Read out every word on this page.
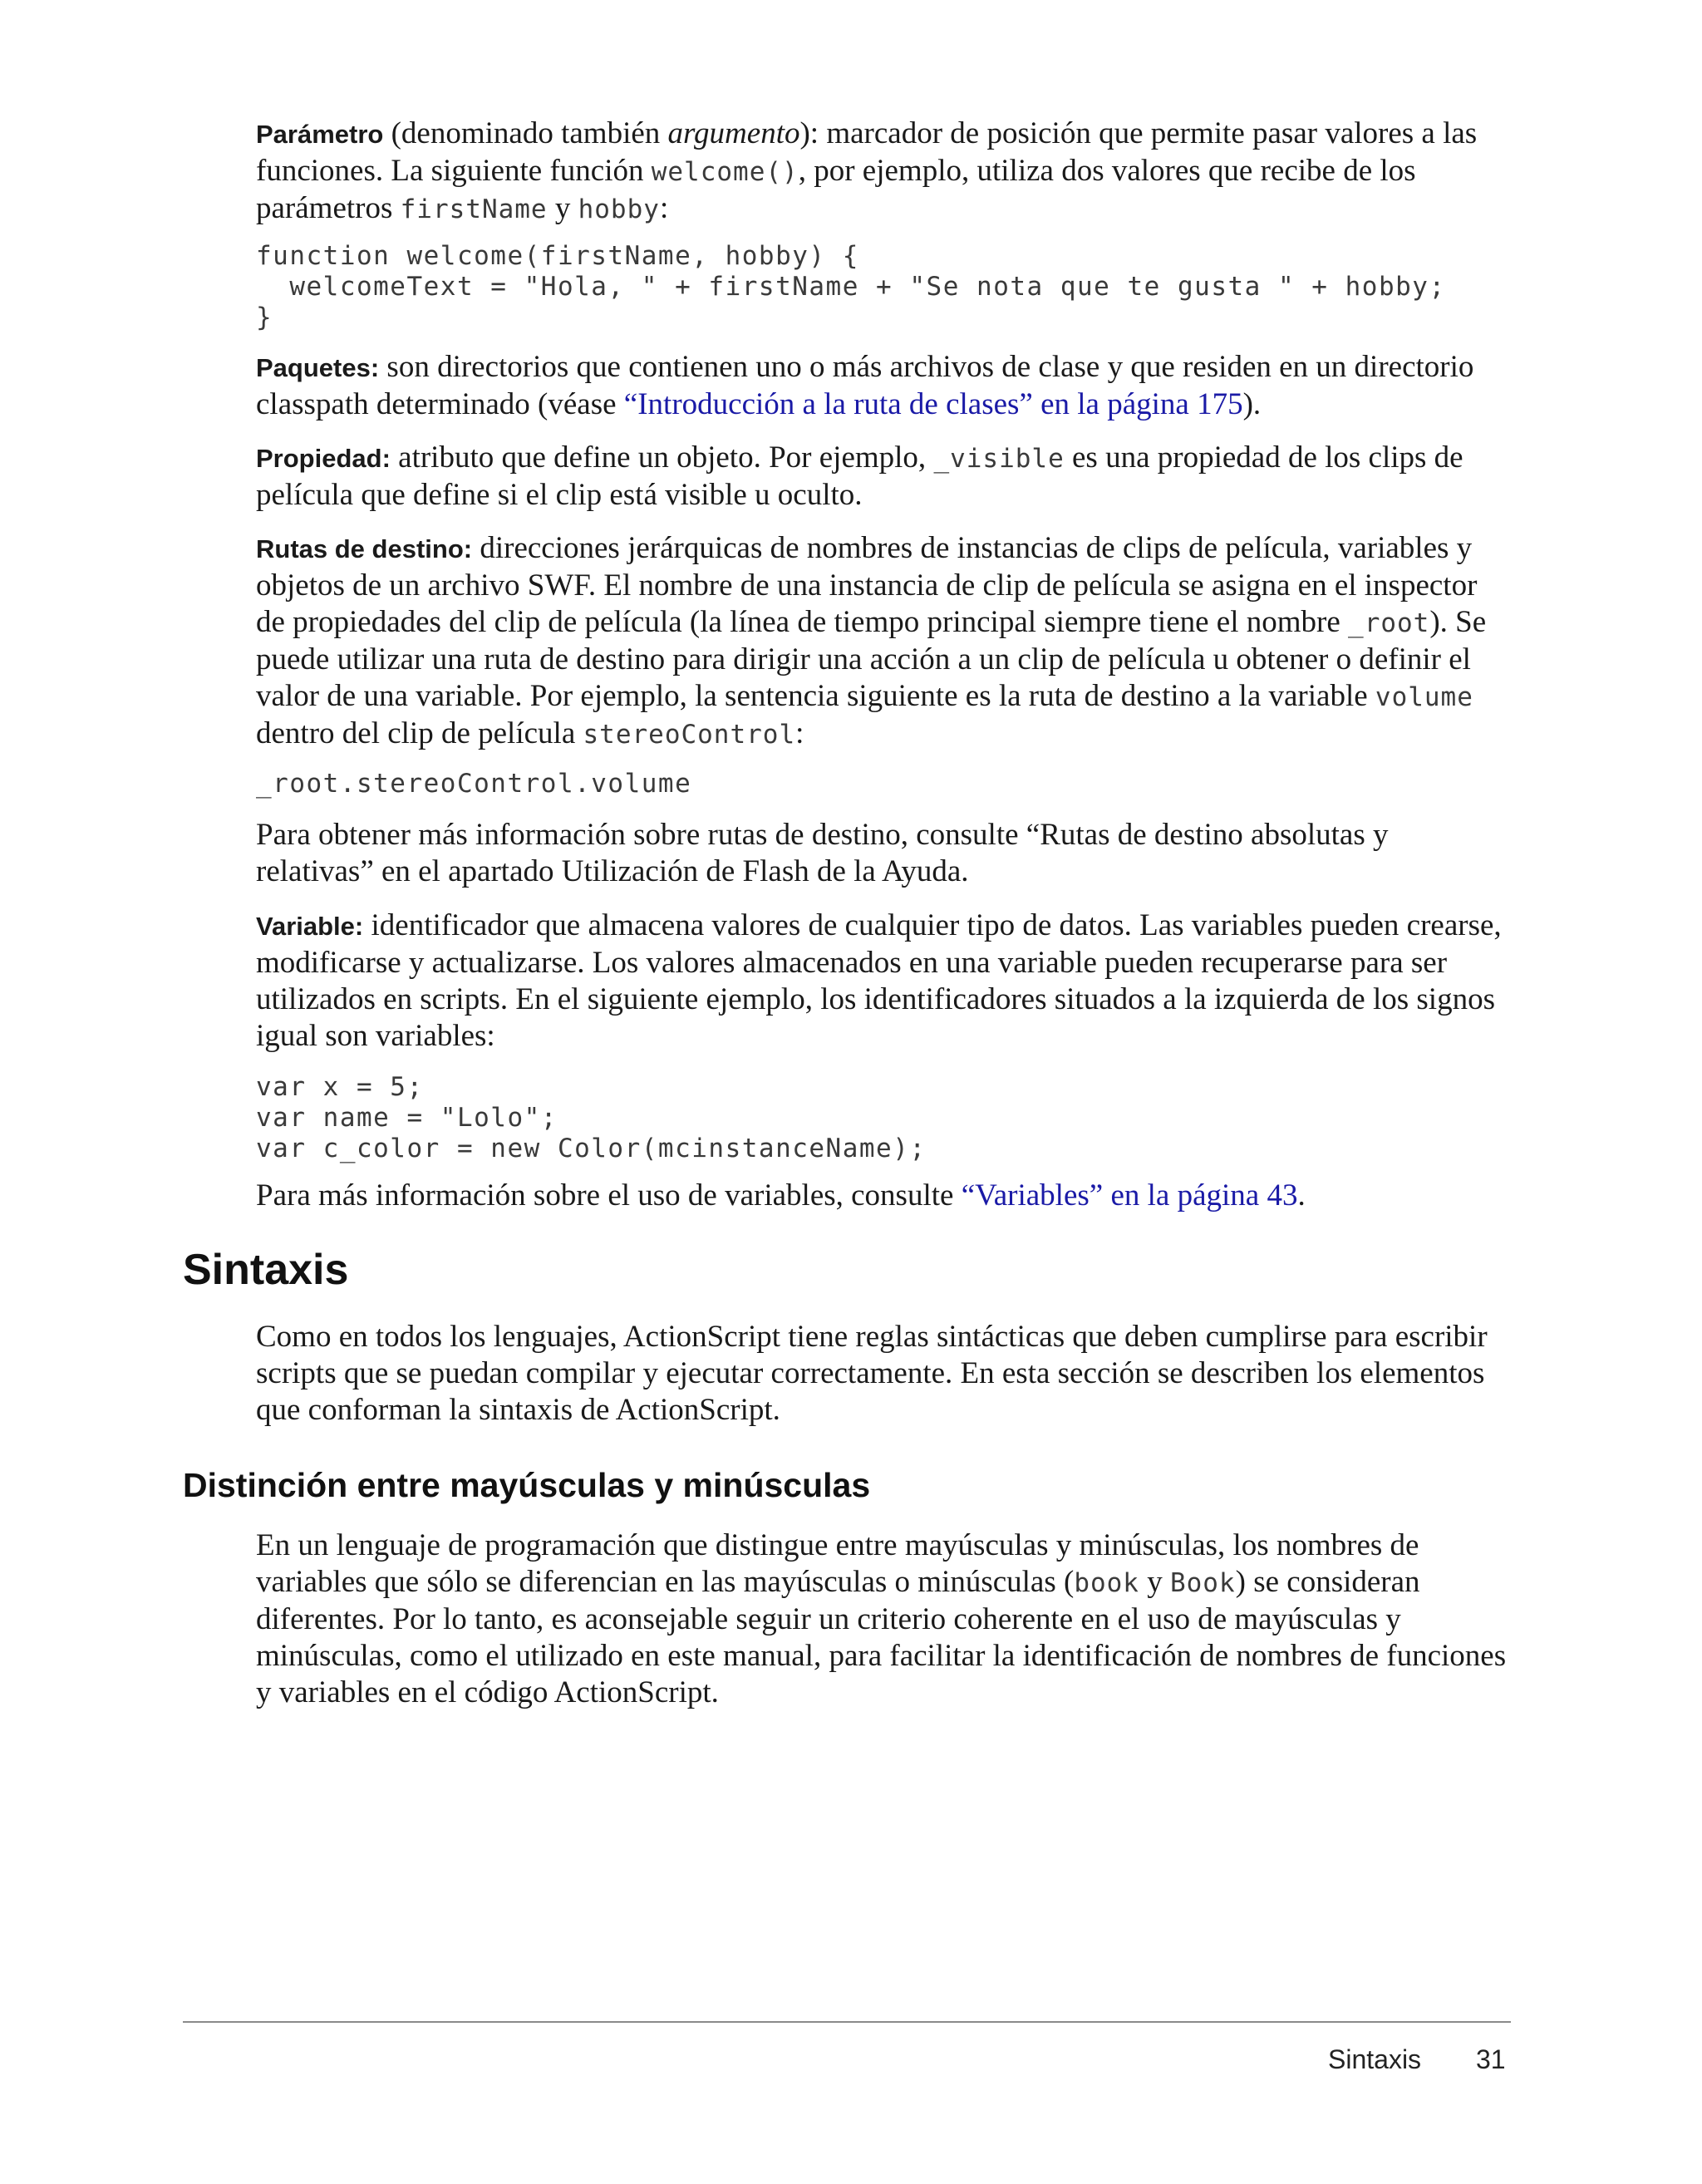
Parámetro (denominado también argumento): marcador de posición que permite pasar valores a las funciones. La siguiente función welcome(), por ejemplo, utiliza dos valores que recibe de los parámetros firstName y hobby:

function welcome(firstName, hobby) {
welcomeText = "Hola, " + firstName + "Se nota que te gusta " + hobby;
}

Paquetes: son directorios que contienen uno o más archivos de clase y que residen en un directorio classpath determinado (véase “Introducción a la ruta de clases” en la página 175).

Propiedad: atributo que define un objeto. Por ejemplo, _visible es una propiedad de los clips de película que define si el clip está visible u oculto.

Rutas de destino: direcciones jerárquicas de nombres de instancias de clips de película, variables y objetos de un archivo SWF. El nombre de una instancia de clip de película se asigna en el inspector de propiedades del clip de película (la línea de tiempo principal siempre tiene el nombre _root). Se puede utilizar una ruta de destino para dirigir una acción a un clip de película u obtener o definir el valor de una variable. Por ejemplo, la sentencia siguiente es la ruta de destino a la variable volume dentro del clip de película stereoControl:

_root.stereoControl.volume

Para obtener más información sobre rutas de destino, consulte “Rutas de destino absolutas y relativas” en el apartado Utilización de Flash de la Ayuda.

Variable: identificador que almacena valores de cualquier tipo de datos. Las variables pueden crearse, modificarse y actualizarse. Los valores almacenados en una variable pueden recuperarse para ser utilizados en scripts. En el siguiente ejemplo, los identificadores situados a la izquierda de los signos igual son variables:

var x = 5;
var name = "Lolo";
var c_color = new Color(mcinstanceName);

Para más información sobre el uso de variables, consulte “Variables” en la página 43.

Sintaxis

Como en todos los lenguajes, ActionScript tiene reglas sintácticas que deben cumplirse para escribir scripts que se puedan compilar y ejecutar correctamente. En esta sección se describen los elementos que conforman la sintaxis de ActionScript.

Distinción entre mayúsculas y minúsculas

En un lenguaje de programación que distingue entre mayúsculas y minúsculas, los nombres de variables que sólo se diferencian en las mayúsculas o minúsculas (book y Book) se consideran diferentes. Por lo tanto, es aconsejable seguir un criterio coherente en el uso de mayúsculas y minúsculas, como el utilizado en este manual, para facilitar la identificación de nombres de funciones y variables en el código ActionScript.

Sintaxis 31
